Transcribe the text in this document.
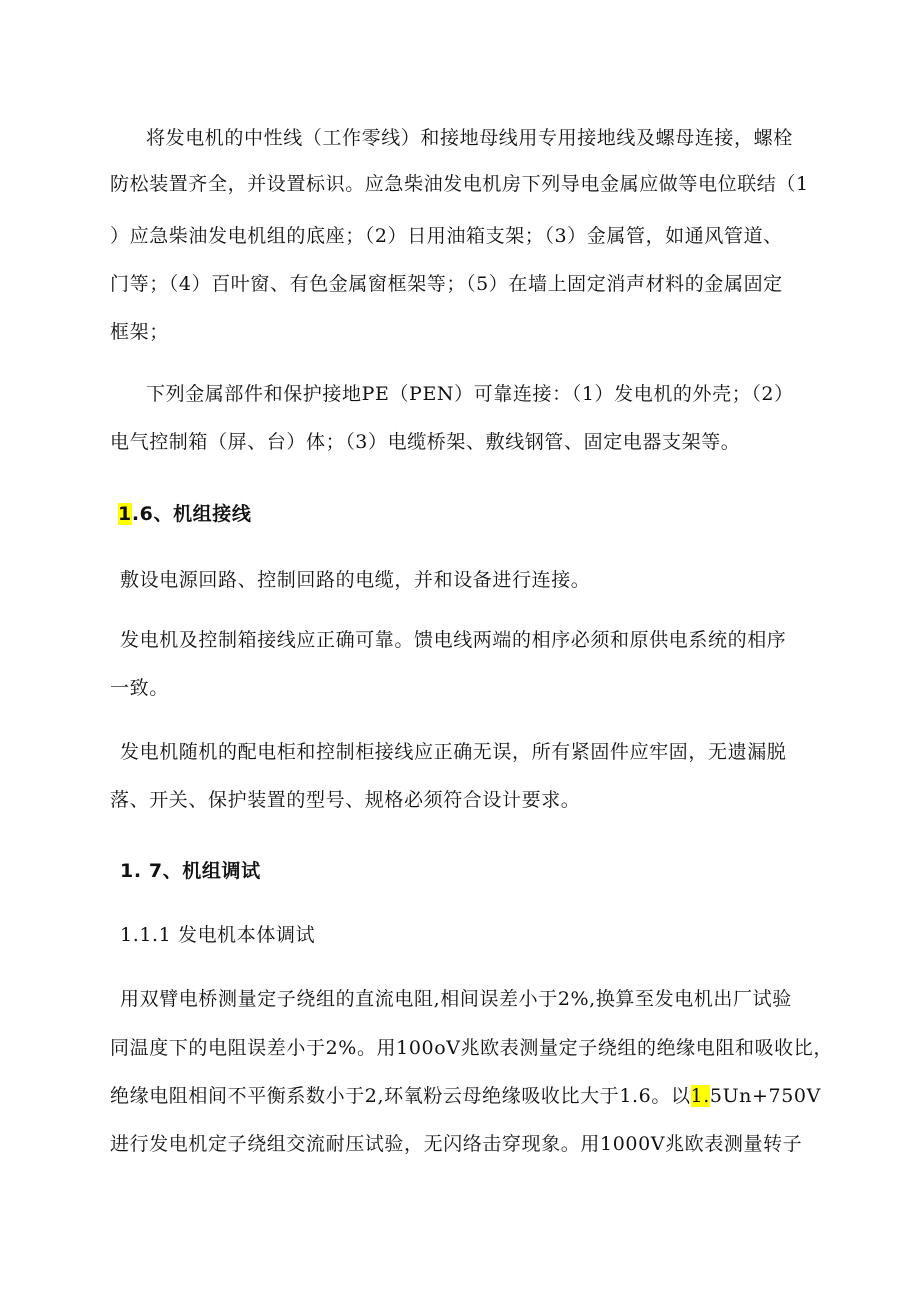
将发电机的中性线（工作零线）和接地母线用专用接地线及螺母连接，螺栓
防松装置齐全，并设置标识。应急柴油发电机房下列导电金属应做等电位联结（1
）应急柴油发电机组的底座；（2）日用油箱支架；（3）金属管，如通风管道、
门等；（4）百叶窗、有色金属窗框架等；（5）在墙上固定消声材料的金属固定
框架；
下列金属部件和保护接地PE（PEN）可靠连接：（1）发电机的外壳；（2）
电气控制箱（屏、台）体；（3）电缆桥架、敷线钢管、固定电器支架等。
1.6、机组接线
敷设电源回路、控制回路的电缆，并和设备进行连接。
发电机及控制箱接线应正确可靠。馈电线两端的相序必须和原供电系统的相序
一致。
发电机随机的配电柜和控制柜接线应正确无误，所有紧固件应牢固，无遗漏脱
落、开关、保护装置的型号、规格必须符合设计要求。
1. 7、机组调试
1.1.1 发电机本体调试
用双臂电桥测量定子绕组的直流电阻,相间误差小于2%,换算至发电机出厂试验
同温度下的电阻误差小于2%。用100oV兆欧表测量定子绕组的绝缘电阻和吸收比，
绝缘电阻相间不平衡系数小于2,环氧粉云母绝缘吸收比大于1.6。以1.5Un+750V
进行发电机定子绕组交流耐压试验，无闪络击穿现象。用1000V兆欧表测量转子
